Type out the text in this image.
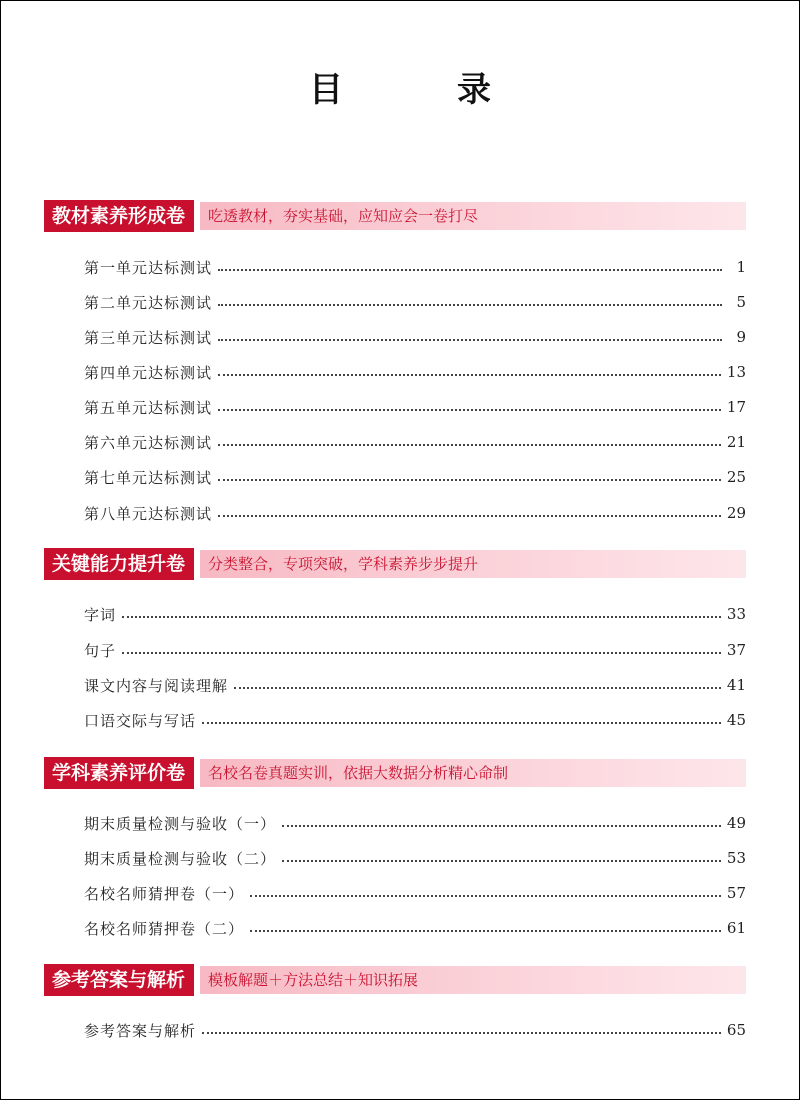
目　录
教材素养形成卷	吃透教材，夯实基础，应知应会一卷打尽
第一单元达标测试	1
第二单元达标测试	5
第三单元达标测试	9
第四单元达标测试	13
第五单元达标测试	17
第六单元达标测试	21
第七单元达标测试	25
第八单元达标测试	29
关键能力提升卷	分类整合，专项突破，学科素养步步提升
字词	33
句子	37
课文内容与阅读理解	41
口语交际与写话	45
学科素养评价卷	名校名卷真题实训，依据大数据分析精心命制
期末质量检测与验收（一）	49
期末质量检测与验收（二）	53
名校名师猜押卷（一）	57
名校名师猜押卷（二）	61
参考答案与解析	模板解题＋方法总结＋知识拓展
参考答案与解析	65
